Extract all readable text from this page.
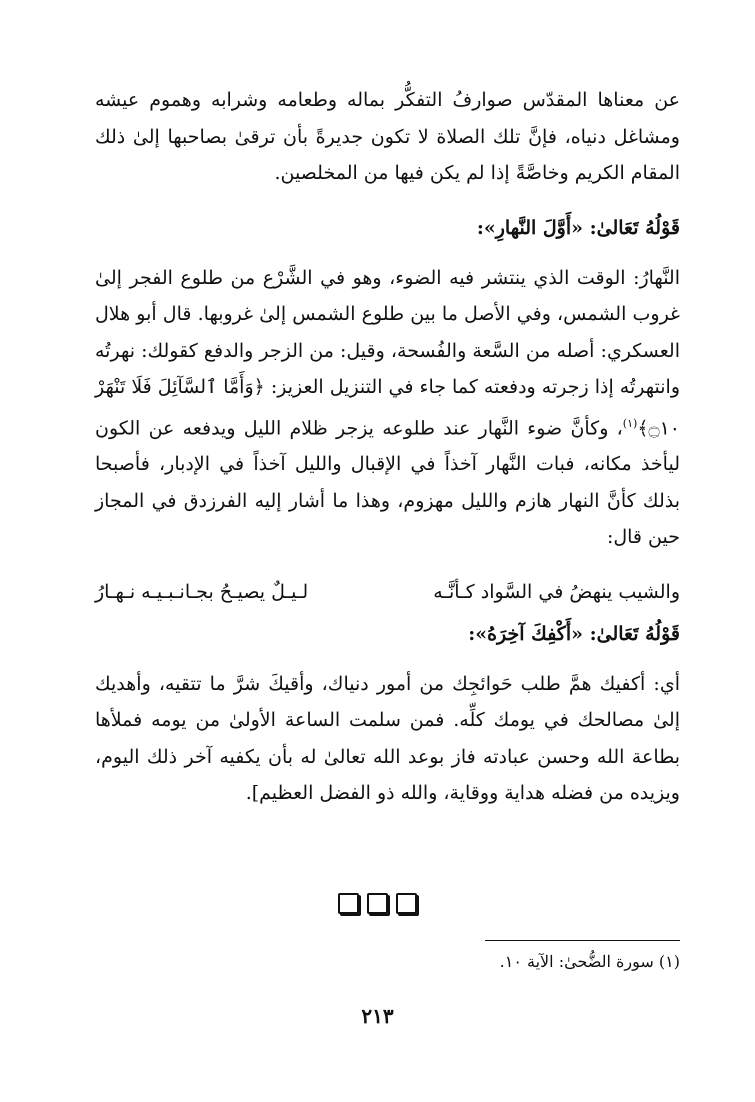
عن معناها المقدّس صوارفُ التفكُّر بماله وطعامه وشرابه وهموم عيشه ومشاغل دنياه، فإنَّ تلك الصلاة لا تكون جديرةً بأن ترقىٰ بصاحبها إلىٰ ذلك المقام الكريم وخاصَّةً إذا لم يكن فيها من المخلصين.

قَوْلُهُ تَعَالىٰ: «أَوَّلَ النَّهارِ»:

النَّهارُ: الوقت الذي ينتشر فيه الضوء، وهو في الشَّرْع من طلوع الفجر إلىٰ غروب الشمس، وفي الأصل ما بين طلوع الشمس إلىٰ غروبها. قال أبو هلال العسكري: أصله من السَّعة والفُسحة، وقيل: من الزجر والدفع كقولك: نهرتُه وانتهرتُه إذا زجرته ودفعته كما جاء في التنزيل العزيز: ﴿وَأَمَّا ٱلسَّآئِلَ فَلَا تَنْهَرْ ۝١٠﴾$^{(١)}$، وكأنَّ ضوء النَّهار عند طلوعه يزجر ظلام الليل ويدفعه عن الكون ليأخذ مكانه، فبات النَّهار آخذاً في الإقبال والليل آخذاً في الإدبار، فأصبحا بذلك كأنَّ النهار هازم والليل مهزوم، وهذا ما أشار إليه الفرزدق في المجاز حين قال:

والشيب ينهضُ في السَّواد كـأنَّـه
لـيـلٌ يصيـحُ بجـانـبـيـه نـهـارُ

قَوْلُهُ تَعَالىٰ: «أَكْفِكَ آخِرَهُ»:

أي: أكفيك همَّ طلب حَوائجِك من أمور دنياك، وأقيكَ شرَّ ما تتقيه، وأهديك إلىٰ مصالحك في يومك كلِّه. فمن سلمت الساعة الأولىٰ من يومه فملأها بطاعة الله وحسن عبادته فاز بوعد الله تعالىٰ له بأن يكفيه آخر ذلك اليوم، ويزيده من فضله هداية ووقاية، والله ذو الفضل العظيم].

(١) سورة الضُّحىٰ: الآية ١٠.
٢١٣
